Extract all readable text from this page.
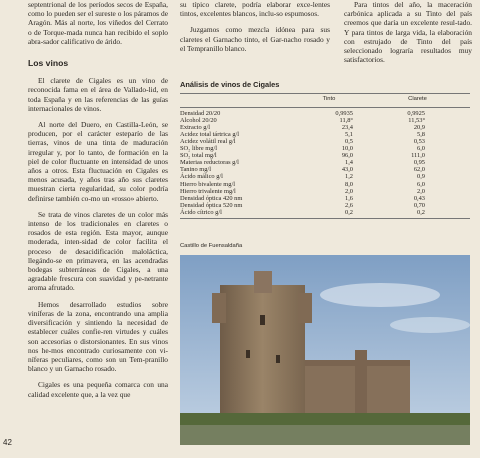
septentrional de los períodos secos de España, como lo pueden ser el sureste o los páramos de Aragón. Más al norte, los viñedos del Cerrato o de Torque-mada nunca han recibido el soplo abra-sador calificativo de árido.

Los vinos

El clarete de Cigales es un vino de reconocida fama en el área de Vallado-lid, en toda España y en las referencias de las guías internacionales de vinos.

Al norte del Duero, en Castilla-León, se producen, por el carácter esteparío de las tierras, vinos de una tinta de maduración irregular y, por lo tanto, de formación en la piel de color fluctuante en intensidad de unos años a otros. Esta fluctuación en Cigales es menos acusada, y años tras año sus claretes muestran cierta regularidad, su color podría definirse también co-mo un «rosso» abierto.

Se trata de vinos claretes de un color más intenso de los tradicionales en claretes o rosados de esta región. Esta mayor, aunque moderada, inten-sidad de color facilita el proceso de desacidificación maloláctica, llegándo-se en primavera, en las acendradas bodegas subterráneas de Cigales, a una agradable frescura con suavidad y pe-netrante aroma afrutado.

Hemos desarrollado estudios sobre viníferas de la zona, encontrando una amplia diversificación y sintiendo la necesidad de establecer cuáles confie-ren virtudes y cuáles son accesorias o distorsionantes. En sus vinos nos he-mos encontrado curiosamente con vi-níferas peculiares, como son un Tem-pranillo blanco y un Garnacho rosado.

Cigales es una pequeña comarca con una calidad excelente que, a la vez que

su típico clarete, podría elaborar exce-lentes tintos, excelentes blancos, inclu-so espumosos.

Juzgamos como mezcla idónea para sus claretes el Garnacho tinto, el Gar-nacho rosado y el Tempranillo blanco.

Para tintos del año, la maceración carbónica aplicada a su Tinto del país creemos que daría un excelente resul-tado. Y para tintos de larga vida, la elaboración con estrujado de Tinto del país seleccionado lograría resultados muy satisfactorios.

Análisis de vinos de Cigales

	Tinto	Clarete
Densidad 20/20	0,9935	0,9925
Alcohol 20/20	11,8°	11,53°
Extracto g/l	23,4	20,9
Acidez total tártrica g/l	5,1	5,8
Acidez volátil real g/l	0,5	0,53
SO₂ libre mg/l	10,0	6,0
SO₂ total mg/l	96,0	111,0
Materias reductoras g/l	1,4	0,95
Tanino mg/l	43,0	62,0
Ácido málico g/l	1,2	0,9
Hierro bivalente mg/l	8,0	6,0
Hierro trivalente mg/l	2,0	2,0
Densidad óptica 420 nm	1,6	0,43
Densidad óptica 520 nm	2,6	0,70
Ácido cítrico g/l	0,2	0,2
Castillo de Fuensaldaña
42
